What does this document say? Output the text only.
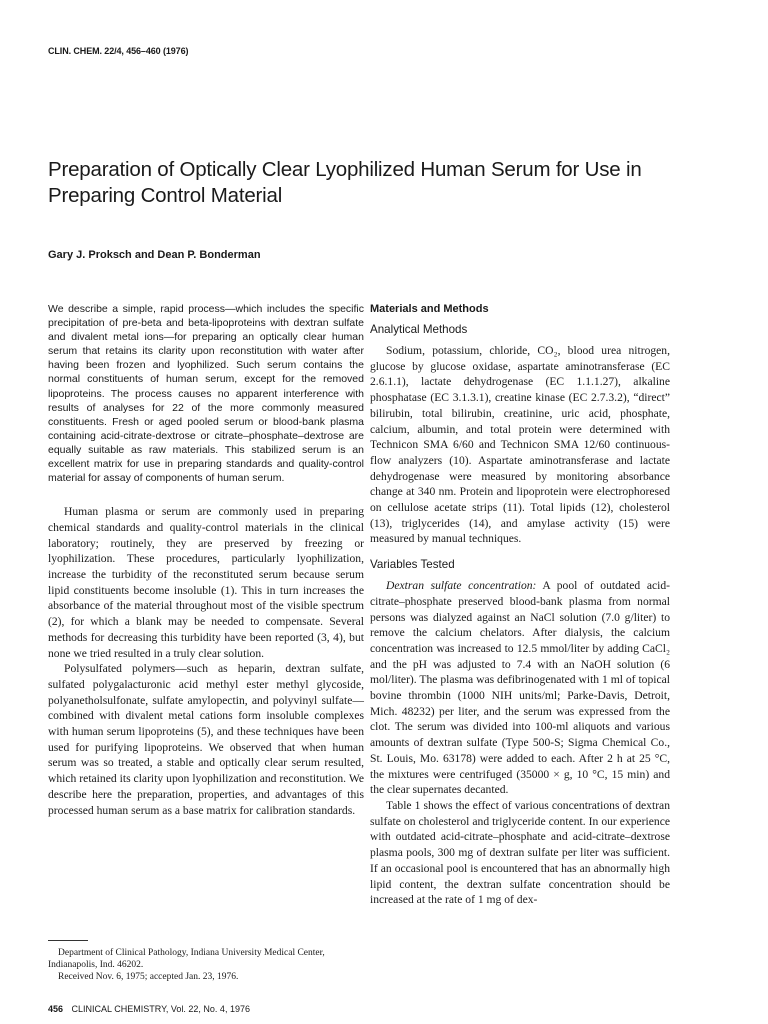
CLIN. CHEM. 22/4, 456–460 (1976)
Preparation of Optically Clear Lyophilized Human Serum for Use in Preparing Control Material
Gary J. Proksch and Dean P. Bonderman

We describe a simple, rapid process—which includes the specific precipitation of pre-beta and beta-lipoproteins with dextran sulfate and divalent metal ions—for preparing an optically clear human serum that retains its clarity upon reconstitution with water after having been frozen and lyophilized. Such serum contains the normal constituents of human serum, except for the removed lipoproteins. The process causes no apparent interference with results of analyses for 22 of the more commonly measured constituents. Fresh or aged pooled serum or blood-bank plasma containing acid-citrate-dextrose or citrate–phosphate–dextrose are equally suitable as raw materials. This stabilized serum is an excellent matrix for use in preparing standards and quality-control material for assay of components of human serum.

Human plasma or serum are commonly used in preparing chemical standards and quality-control materials in the clinical laboratory; routinely, they are preserved by freezing or lyophilization. These procedures, particularly lyophilization, increase the turbidity of the reconstituted serum because serum lipid constituents become insoluble (1). This in turn increases the absorbance of the material throughout most of the visible spectrum (2), for which a blank may be needed to compensate. Several methods for decreasing this turbidity have been reported (3, 4), but none we tried resulted in a truly clear solution.

Polysulfated polymers—such as heparin, dextran sulfate, sulfated polygalacturonic acid methyl ester methyl glycoside, polyanetholsulfonate, sulfate amylopectin, and polyvinyl sulfate—combined with divalent metal cations form insoluble complexes with human serum lipoproteins (5), and these techniques have been used for purifying lipoproteins. We observed that when human serum was so treated, a stable and optically clear serum resulted, which retained its clarity upon lyophilization and reconstitution. We describe here the preparation, properties, and advantages of this processed human serum as a base matrix for calibration standards.

Materials and Methods
Analytical Methods

Sodium, potassium, chloride, CO₂, blood urea nitrogen, glucose by glucose oxidase, aspartate aminotransferase (EC 2.6.1.1), lactate dehydrogenase (EC 1.1.1.27), alkaline phosphatase (EC 3.1.3.1), creatine kinase (EC 2.7.3.2), “direct” bilirubin, total bilirubin, creatinine, uric acid, phosphate, calcium, albumin, and total protein were determined with Technicon SMA 6/60 and Technicon SMA 12/60 continuous-flow analyzers (10). Aspartate aminotransferase and lactate dehydrogenase were measured by monitoring absorbance change at 340 nm. Protein and lipoprotein were electrophoresed on cellulose acetate strips (11). Total lipids (12), cholesterol (13), triglycerides (14), and amylase activity (15) were measured by manual techniques.

Variables Tested

Dextran sulfate concentration: A pool of outdated acid-citrate–phosphate preserved blood-bank plasma from normal persons was dialyzed against an NaCl solution (7.0 g/liter) to remove the calcium chelators. After dialysis, the calcium concentration was increased to 12.5 mmol/liter by adding CaCl₂ and the pH was adjusted to 7.4 with an NaOH solution (6 mol/liter). The plasma was defibrinogenated with 1 ml of topical bovine thrombin (1000 NIH units/ml; Parke-Davis, Detroit, Mich. 48232) per liter, and the serum was expressed from the clot. The serum was divided into 100-ml aliquots and various amounts of dextran sulfate (Type 500-S; Sigma Chemical Co., St. Louis, Mo. 63178) were added to each. After 2 h at 25 °C, the mixtures were centrifuged (35000 × g, 10 °C, 15 min) and the clear supernates decanted.

Table 1 shows the effect of various concentrations of dextran sulfate on cholesterol and triglyceride content. In our experience with outdated acid-citrate–phosphate and acid-citrate–dextrose plasma pools, 300 mg of dextran sulfate per liter was sufficient. If an occasional pool is encountered that has an abnormally high lipid content, the dextran sulfate concentration should be increased at the rate of 1 mg of dex-

Department of Clinical Pathology, Indiana University Medical Center, Indianapolis, Ind. 46202.
Received Nov. 6, 1975; accepted Jan. 23, 1976.

456 CLINICAL CHEMISTRY, Vol. 22, No. 4, 1976
